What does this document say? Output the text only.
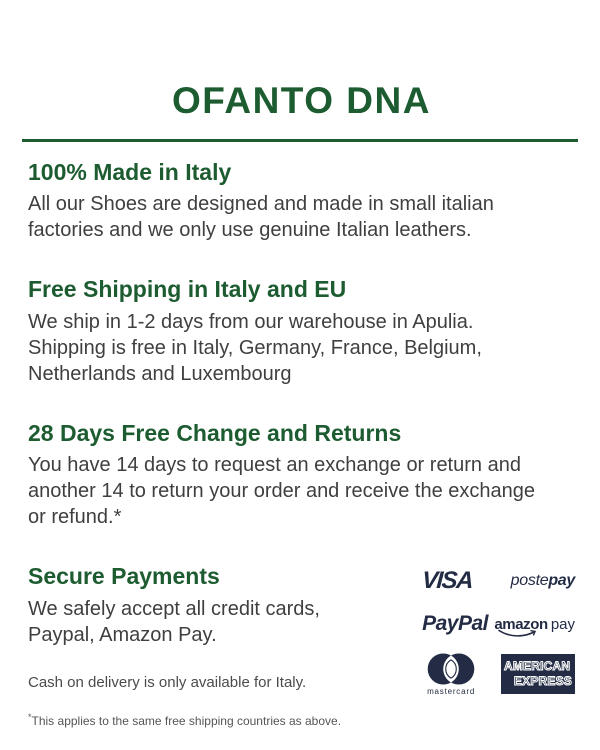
OFANTO DNA
100% Made in Italy

All our Shoes are designed and made in small italian factories and we only use genuine Italian leathers.

Free Shipping in Italy and EU

We ship in 1-2 days from our warehouse in Apulia. Shipping is free in Italy, Germany, France, Belgium, Netherlands and Luxembourg

28 Days Free Change and Returns

You have 14 days to request an exchange or return and another 14 to return your order and receive the exchange or refund.*

Secure Payments

We safely accept all credit cards, Paypal, Amazon Pay.

Cash on delivery is only available for Italy.
VISA postepay
PayPal amazon pay
mastercard
AMERICAN
EXPRESS
*This applies to the same free shipping countries as above.
